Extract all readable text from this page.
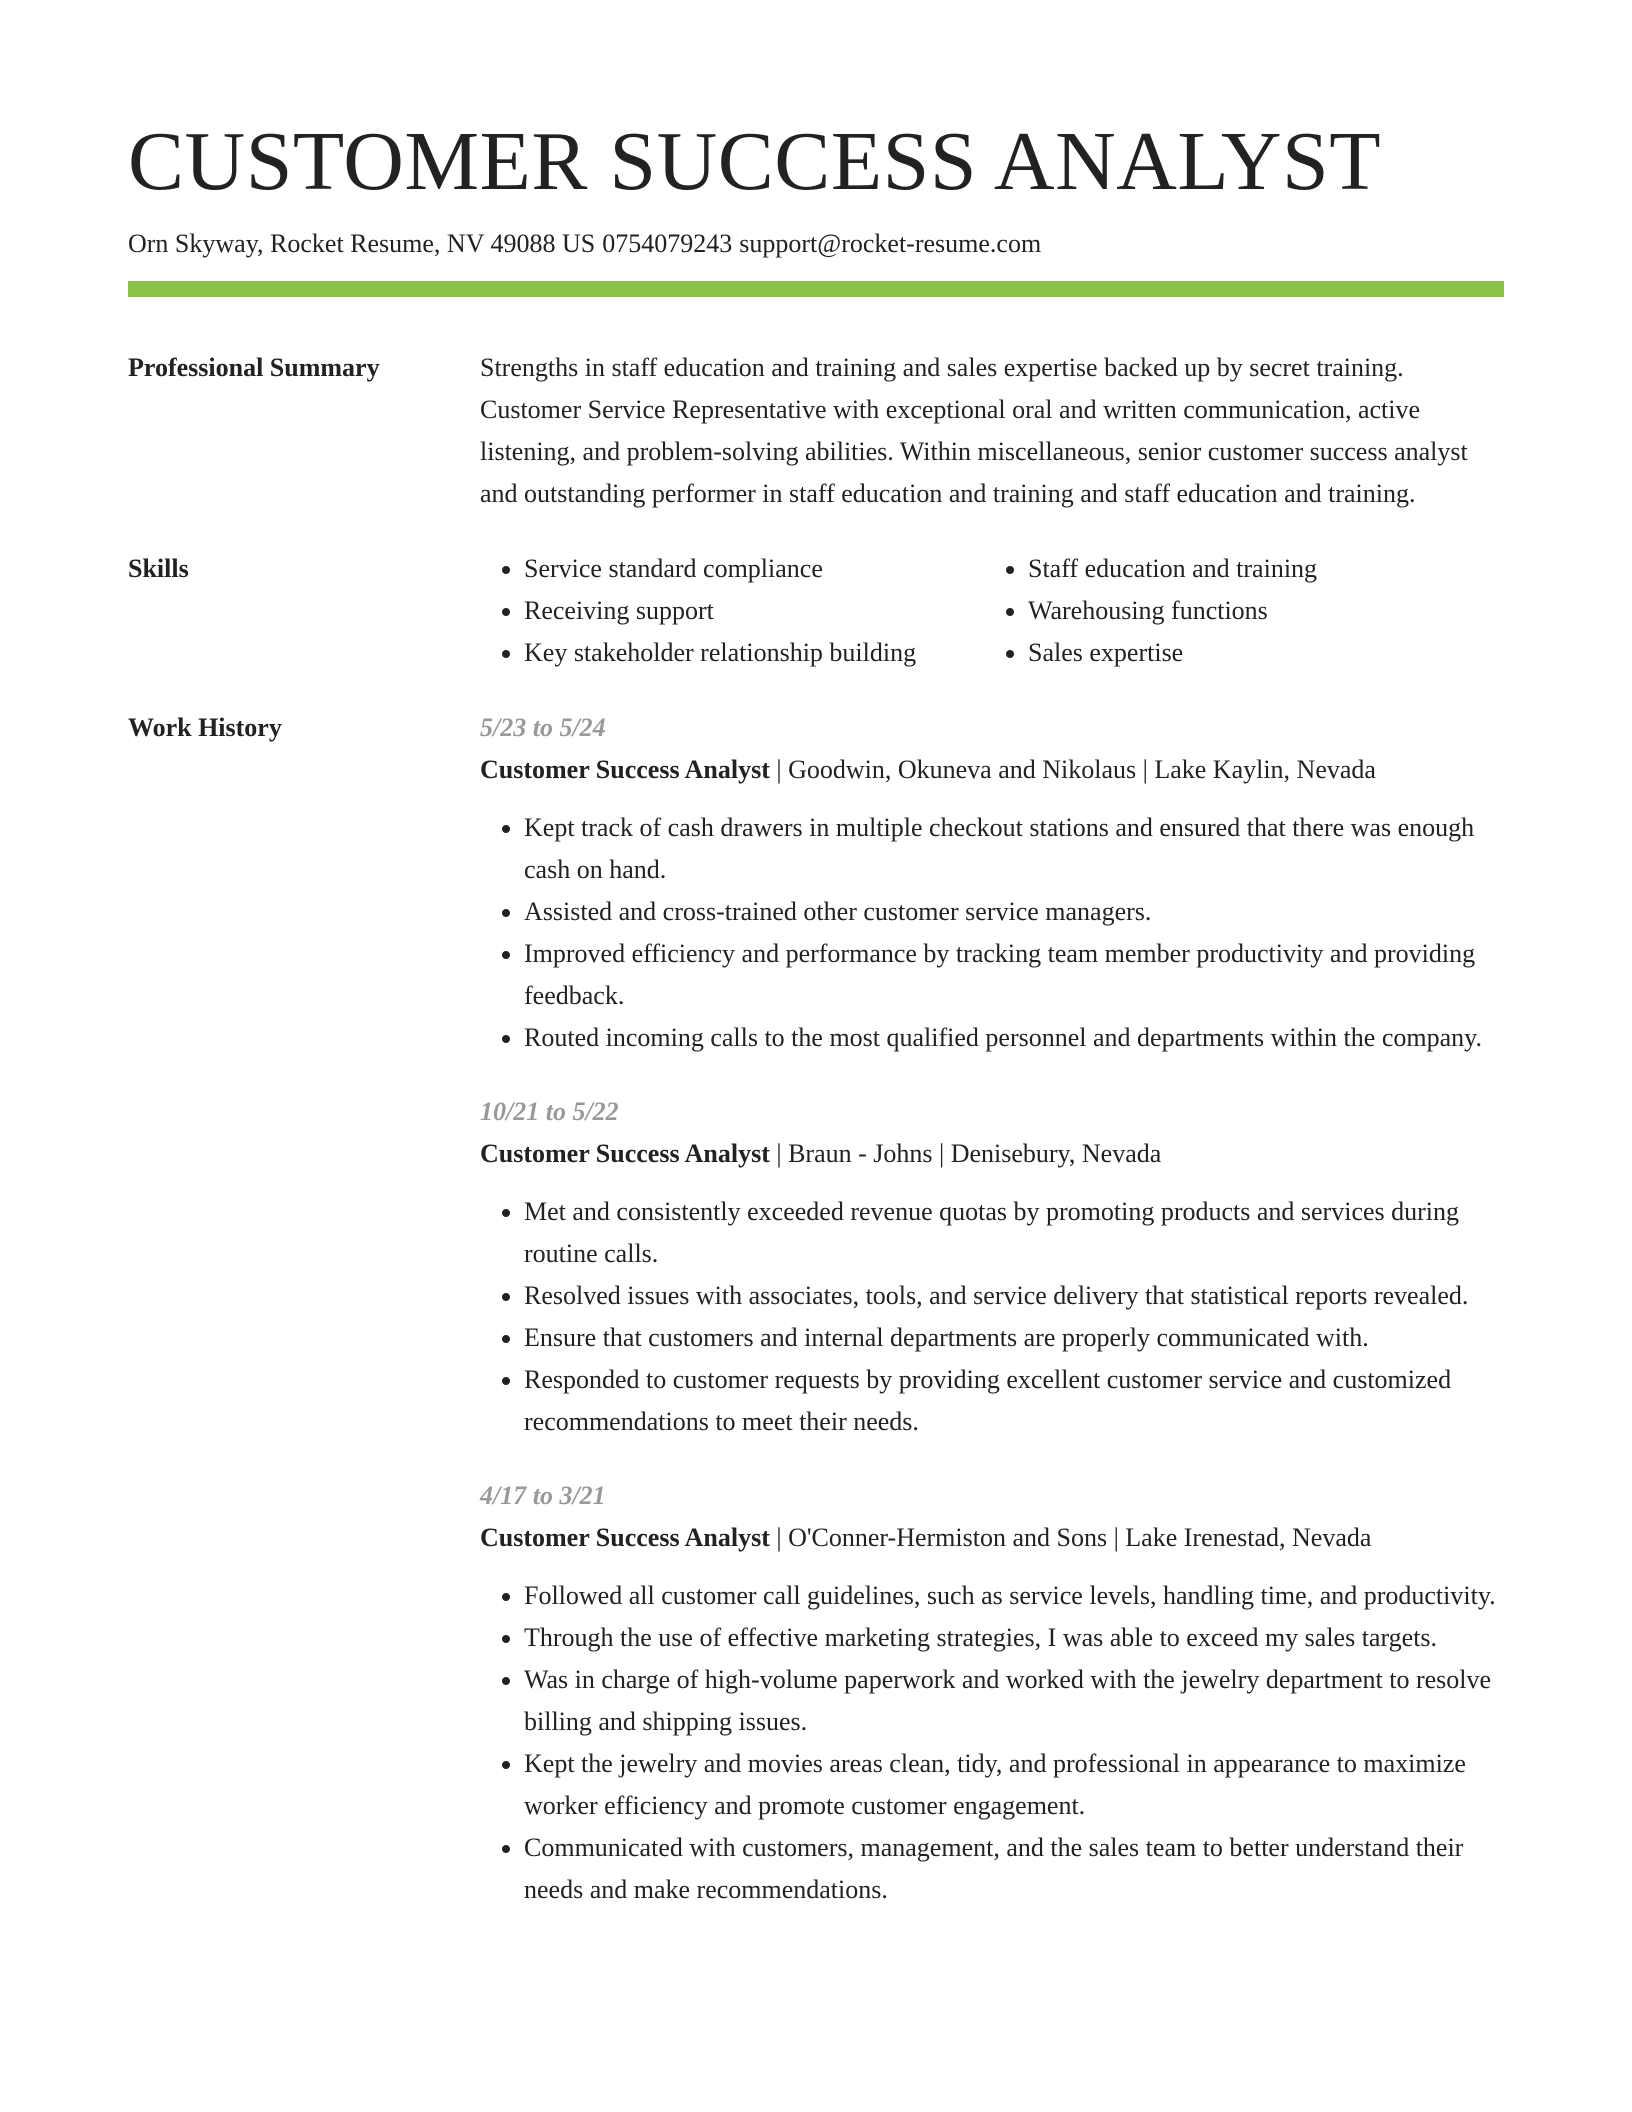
CUSTOMER SUCCESS ANALYST
Orn Skyway, Rocket Resume, NV 49088 US 0754079243 support@rocket-resume.com
Professional Summary	Strengths in staff education and training and sales expertise backed up by secret training. Customer Service Representative with exceptional oral and written communication, active listening, and problem-solving abilities. Within miscellaneous, senior customer success analyst and outstanding performer in staff education and training and staff education and training.
Skills
•	Service standard compliance
• Receiving support
• Key stakeholder relationship building
• Staff education and training
• Warehousing functions
• Sales expertise
Work History	5/23 to 5/24
Customer Success Analyst | Goodwin, Okuneva and Nikolaus | Lake Kaylin, Nevada
• Kept track of cash drawers in multiple checkout stations and ensured that there was enough cash on hand.
• Assisted and cross-trained other customer service managers.
• Improved efficiency and performance by tracking team member productivity and providing feedback.
• Routed incoming calls to the most qualified personnel and departments within the company.
10/21 to 5/22
Customer Success Analyst | Braun - Johns | Denisebury, Nevada
• Met and consistently exceeded revenue quotas by promoting products and services during routine calls.
• Resolved issues with associates, tools, and service delivery that statistical reports revealed.
• Ensure that customers and internal departments are properly communicated with.
• Responded to customer requests by providing excellent customer service and customized recommendations to meet their needs.
4/17 to 3/21
Customer Success Analyst | O'Conner-Hermiston and Sons | Lake Irenestad, Nevada
• Followed all customer call guidelines, such as service levels, handling time, and productivity.
• Through the use of effective marketing strategies, I was able to exceed my sales targets.
• Was in charge of high-volume paperwork and worked with the jewelry department to resolve billing and shipping issues.
• Kept the jewelry and movies areas clean, tidy, and professional in appearance to maximize worker efficiency and promote customer engagement.
• Communicated with customers, management, and the sales team to better understand their needs and make recommendations.
